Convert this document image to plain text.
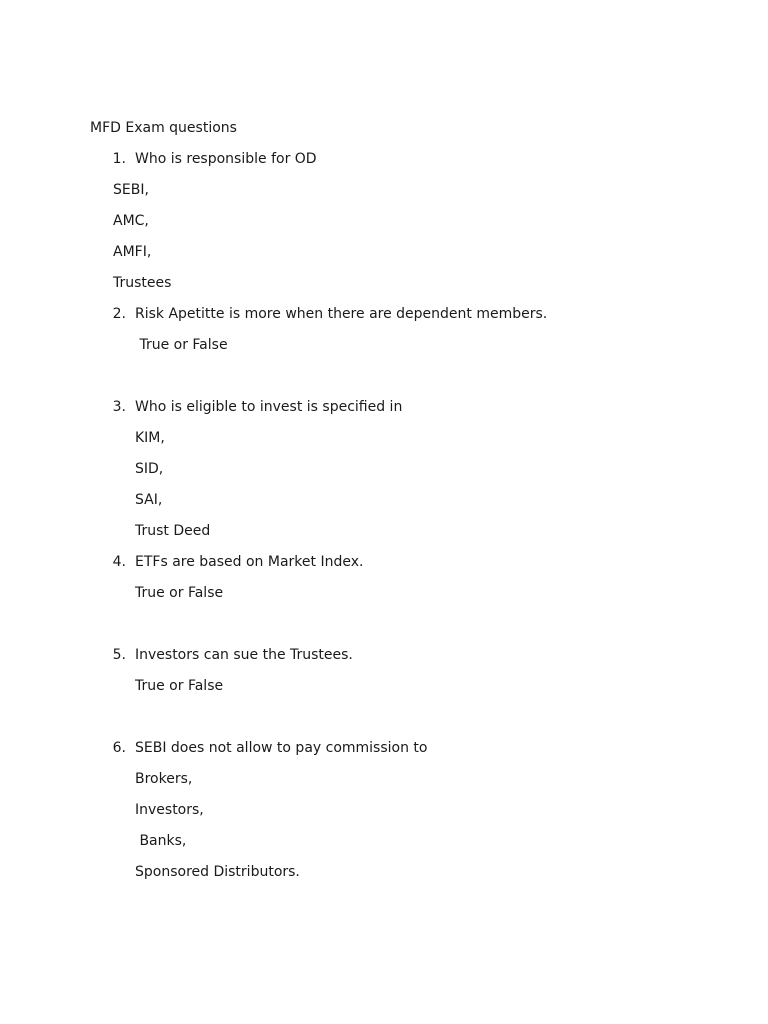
MFD Exam questions
1. Who is responsible for OD
SEBI,
AMC,
AMFI,
Trustees
2. Risk Apetitte is more when there are dependent members.
True or False
3. Who is eligible to invest is specified in
KIM,
SID,
SAI,
Trust Deed
4. ETFs are based on Market Index.
True or False
5. Investors can sue the Trustees.
True or False
6. SEBI does not allow to pay commission to
Brokers,
Investors,
Banks,
Sponsored Distributors.
